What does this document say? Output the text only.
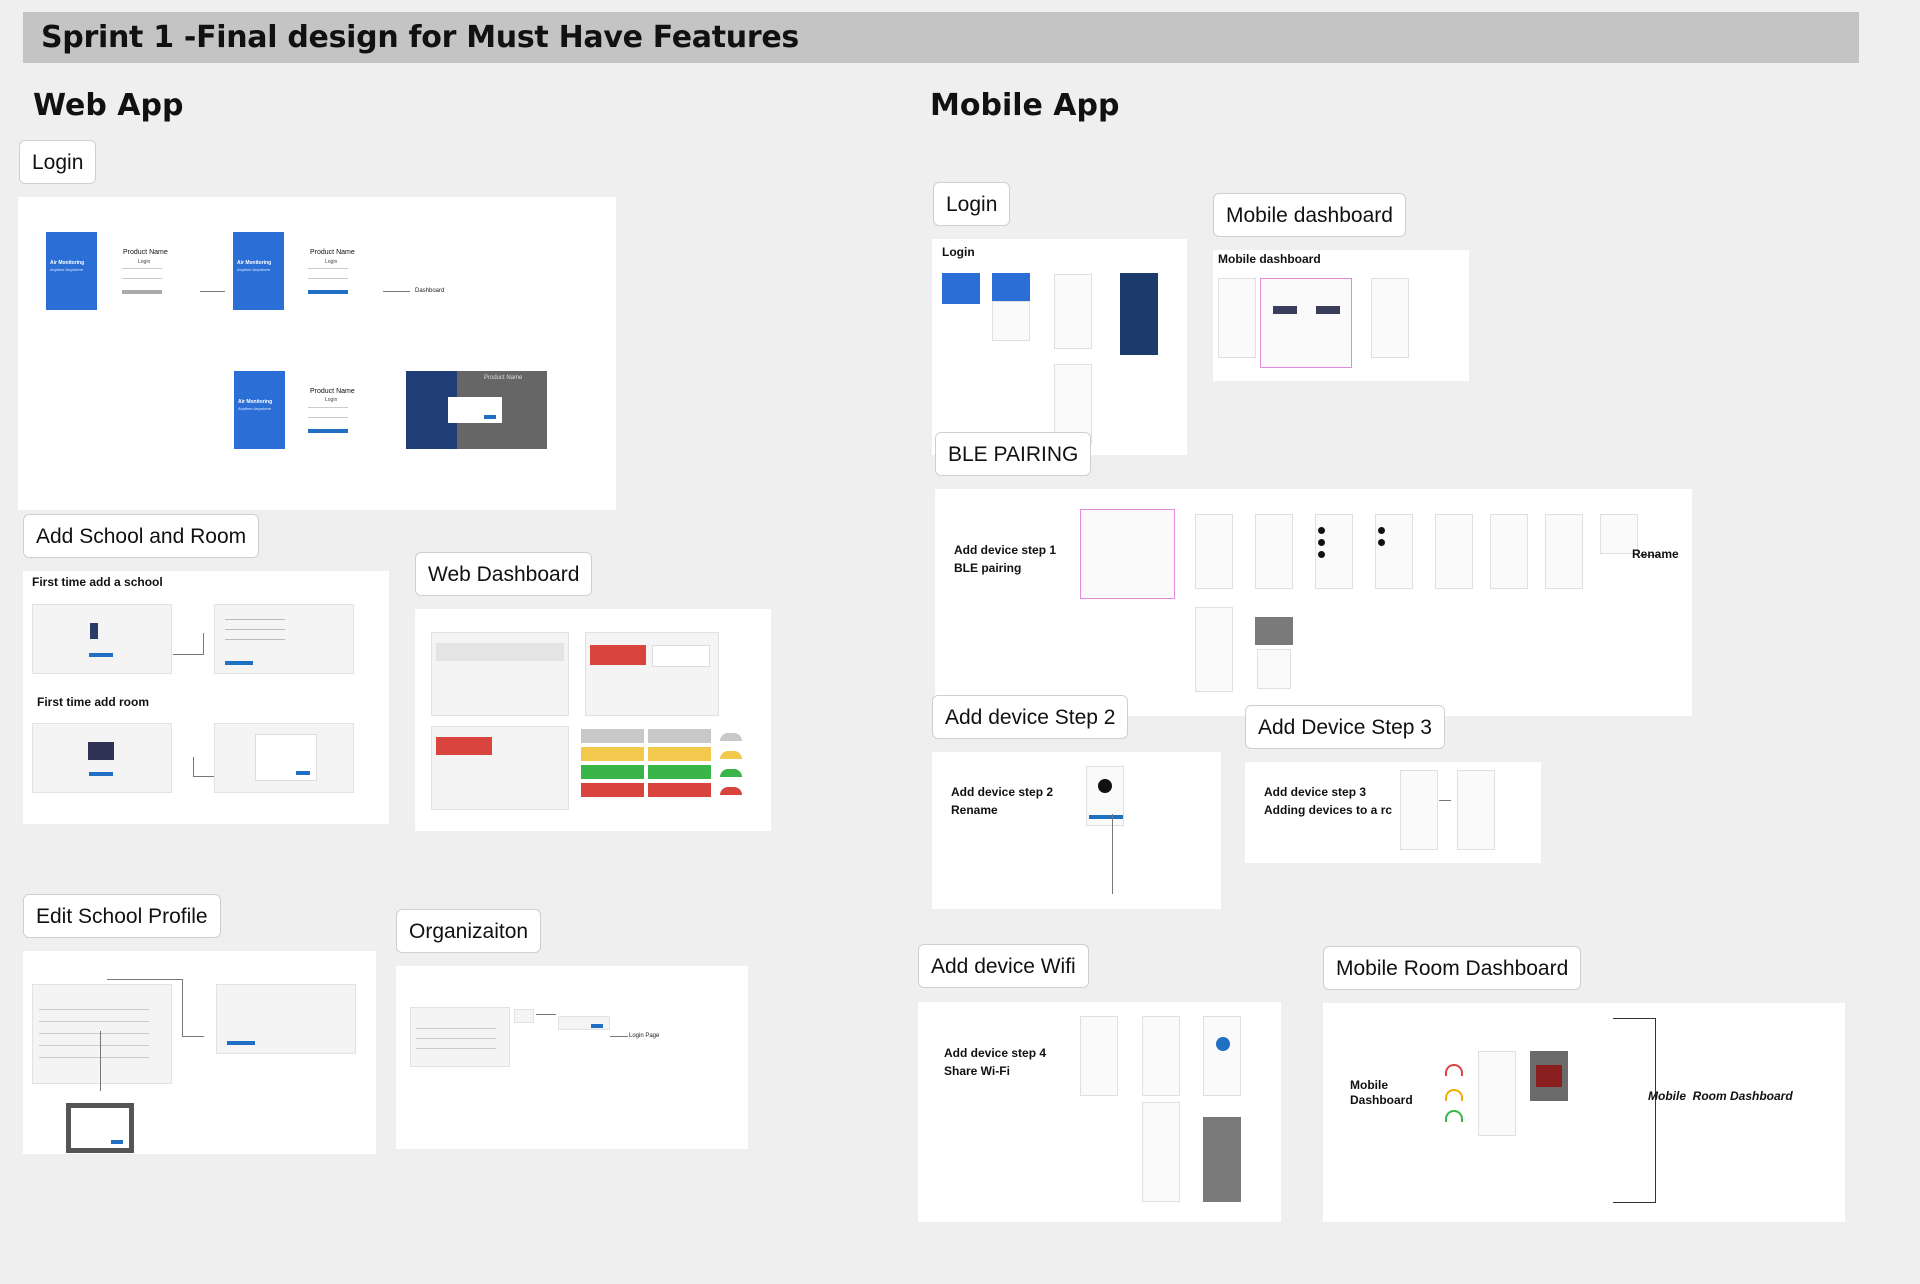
Sprint 1 -Final design for Must Have Features
Web App	Mobile App
Login
Air Monitoring
Anytime Anywhere
Product Name
Login	Air Monitoring
Anytime Anywhere
Product Name
Login
Dashboard
Air Monitoring
Anytime Anywhere
Product Name
Login
Product Name
Add School and Room
First time add a school
First time add room
Web Dashboard
Edit School Profile
Organizaiton
Login Page
Login
Login
Mobile dashboard
Mobile dashboard
BLE PAIRING
Add device step 1
BLE pairing
Rename
Add device Step 2
Add device step 2
Rename
Add Device Step 3
Add device step 3
Adding devices to a rc
Add device Wifi
Add device step 4
Share Wi-Fi
Mobile Room Dashboard
Mobile
Dashboard	Mobile  Room Dashboard
